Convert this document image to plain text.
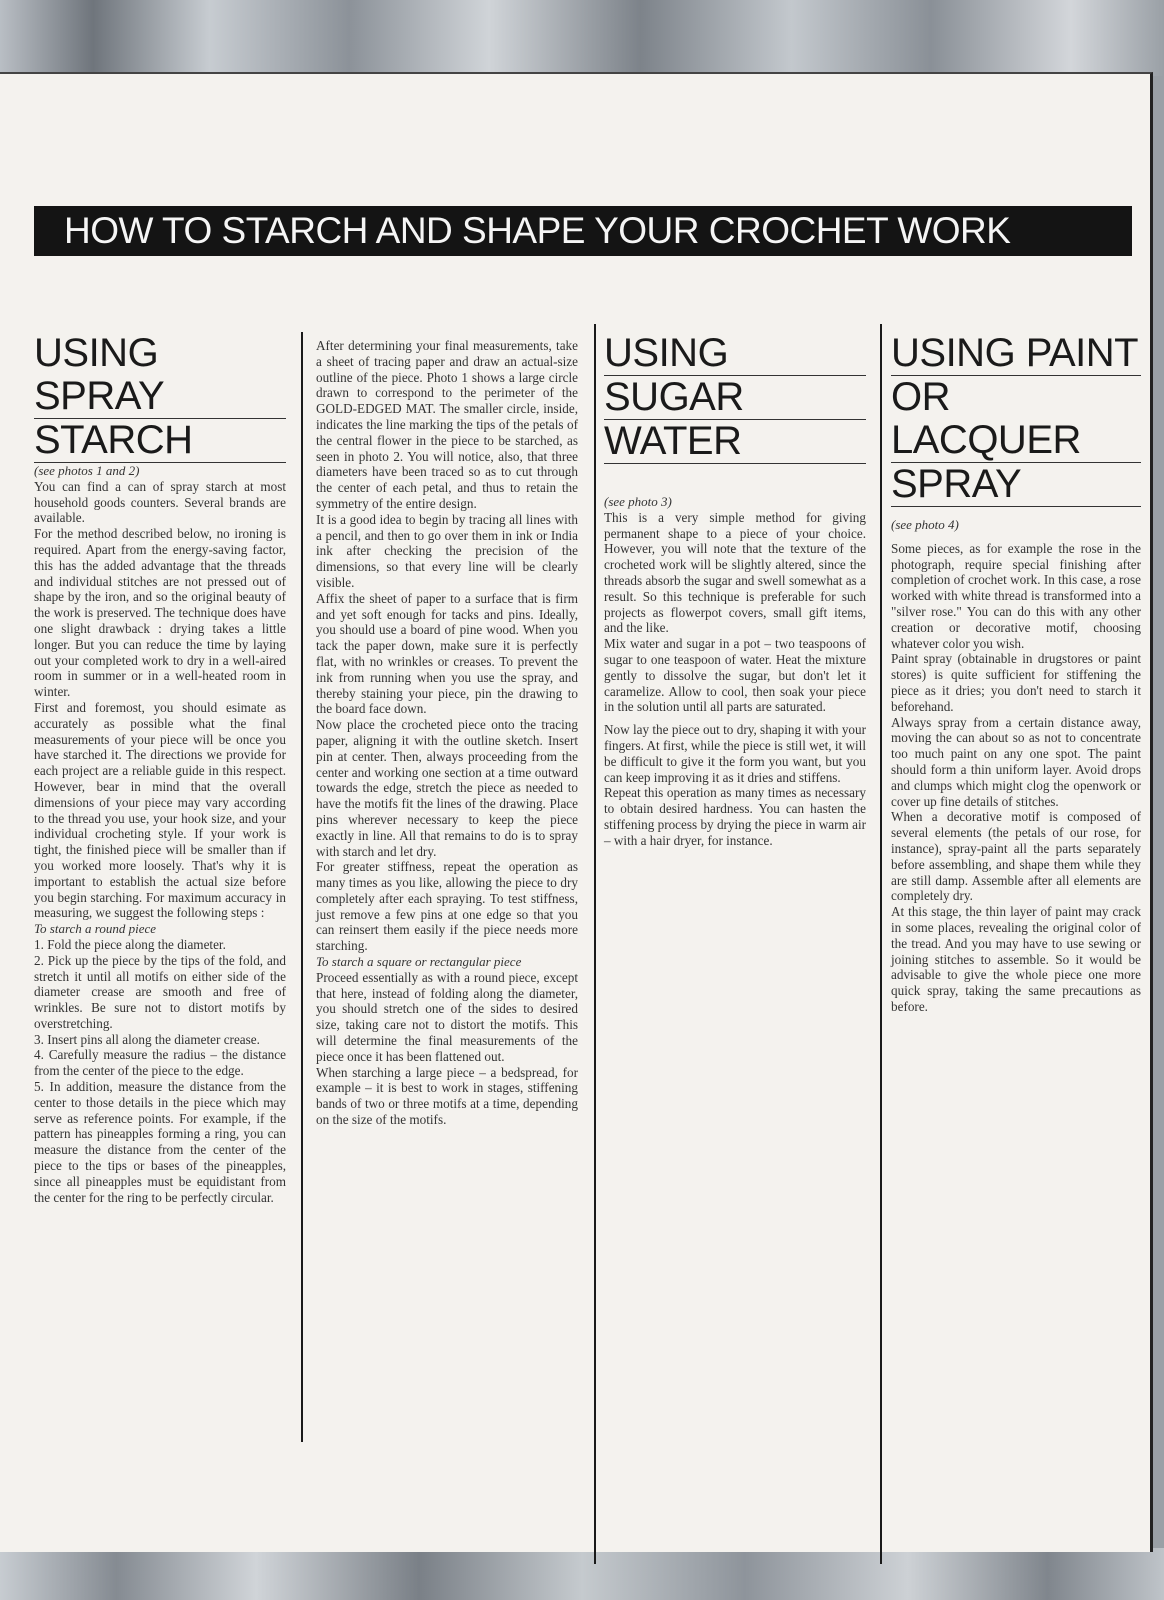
HOW TO STARCH AND SHAPE YOUR CROCHET WORK
USING SPRAY
STARCH

(see photos 1 and 2)

You can find a can of spray starch at most household goods counters. Several brands are available.

For the method described below, no ironing is required. Apart from the energy-saving factor, this has the added advantage that the threads and individual stitches are not pressed out of shape by the iron, and so the original beauty of the work is preserved. The technique does have one slight drawback : drying takes a little longer. But you can reduce the time by laying out your completed work to dry in a well-aired room in summer or in a well-heated room in winter.

First and foremost, you should esimate as accurately as possible what the final measurements of your piece will be once you have starched it. The directions we provide for each project are a reliable guide in this respect. However, bear in mind that the overall dimensions of your piece may vary according to the thread you use, your hook size, and your individual crocheting style. If your work is tight, the finished piece will be smaller than if you worked more loosely. That's why it is important to establish the actual size before you begin starching. For maximum accuracy in measuring, we suggest the following steps :

To starch a round piece

1. Fold the piece along the diameter.

2. Pick up the piece by the tips of the fold, and stretch it until all motifs on either side of the diameter crease are smooth and free of wrinkles. Be sure not to distort motifs by overstretching.

3. Insert pins all along the diameter crease.

4. Carefully measure the radius – the distance from the center of the piece to the edge.

5. In addition, measure the distance from the center to those details in the piece which may serve as reference points. For example, if the pattern has pineapples forming a ring, you can measure the distance from the center of the piece to the tips or bases of the pineapples, since all pineapples must be equidistant from the center for the ring to be perfectly circular.

After determining your final measurements, take a sheet of tracing paper and draw an actual-size outline of the piece. Photo 1 shows a large circle drawn to correspond to the perimeter of the GOLD-EDGED MAT. The smaller circle, inside, indicates the line marking the tips of the petals of the central flower in the piece to be starched, as seen in photo 2. You will notice, also, that three diameters have been traced so as to cut through the center of each petal, and thus to retain the symmetry of the entire design.

It is a good idea to begin by tracing all lines with a pencil, and then to go over them in ink or India ink after checking the precision of the dimensions, so that every line will be clearly visible.

Affix the sheet of paper to a surface that is firm and yet soft enough for tacks and pins. Ideally, you should use a board of pine wood. When you tack the paper down, make sure it is perfectly flat, with no wrinkles or creases. To prevent the ink from running when you use the spray, and thereby staining your piece, pin the drawing to the board face down.

Now place the crocheted piece onto the tracing paper, aligning it with the outline sketch. Insert pin at center. Then, always proceeding from the center and working one section at a time outward towards the edge, stretch the piece as needed to have the motifs fit the lines of the drawing. Place pins wherever necessary to keep the piece exactly in line. All that remains to do is to spray with starch and let dry.

For greater stiffness, repeat the operation as many times as you like, allowing the piece to dry completely after each spraying. To test stiffness, just remove a few pins at one edge so that you can reinsert them easily if the piece needs more starching.

To starch a square or rectangular piece

Proceed essentially as with a round piece, except that here, instead of folding along the diameter, you should stretch one of the sides to desired size, taking care not to distort the motifs. This will determine the final measurements of the piece once it has been flattened out.

When starching a large piece – a bedspread, for example – it is best to work in stages, stiffening bands of two or three motifs at a time, depending on the size of the motifs.

USING
SUGAR
WATER

(see photo 3)

This is a very simple method for giving permanent shape to a piece of your choice. However, you will note that the texture of the crocheted work will be slightly altered, since the threads absorb the sugar and swell somewhat as a result. So this technique is preferable for such projects as flowerpot covers, small gift items, and the like.

Mix water and sugar in a pot – two teaspoons of sugar to one teaspoon of water. Heat the mixture gently to dissolve the sugar, but don't let it caramelize. Allow to cool, then soak your piece in the solution until all parts are saturated.

Now lay the piece out to dry, shaping it with your fingers. At first, while the piece is still wet, it will be difficult to give it the form you want, but you can keep improving it as it dries and stiffens.

Repeat this operation as many times as necessary to obtain desired hardness. You can hasten the stiffening process by drying the piece in warm air – with a hair dryer, for instance.

USING PAINT
OR LACQUER
SPRAY

(see photo 4)

Some pieces, as for example the rose in the photograph, require special finishing after completion of crochet work. In this case, a rose worked with white thread is transformed into a "silver rose." You can do this with any other creation or decorative motif, choosing whatever color you wish.

Paint spray (obtainable in drugstores or paint stores) is quite sufficient for stiffening the piece as it dries; you don't need to starch it beforehand.

Always spray from a certain distance away, moving the can about so as not to concentrate too much paint on any one spot. The paint should form a thin uniform layer. Avoid drops and clumps which might clog the openwork or cover up fine details of stitches.

When a decorative motif is composed of several elements (the petals of our rose, for instance), spray-paint all the parts separately before assembling, and shape them while they are still damp. Assemble after all elements are completely dry.

At this stage, the thin layer of paint may crack in some places, revealing the original color of the tread. And you may have to use sewing or joining stitches to assemble. So it would be advisable to give the whole piece one more quick spray, taking the same precautions as before.
